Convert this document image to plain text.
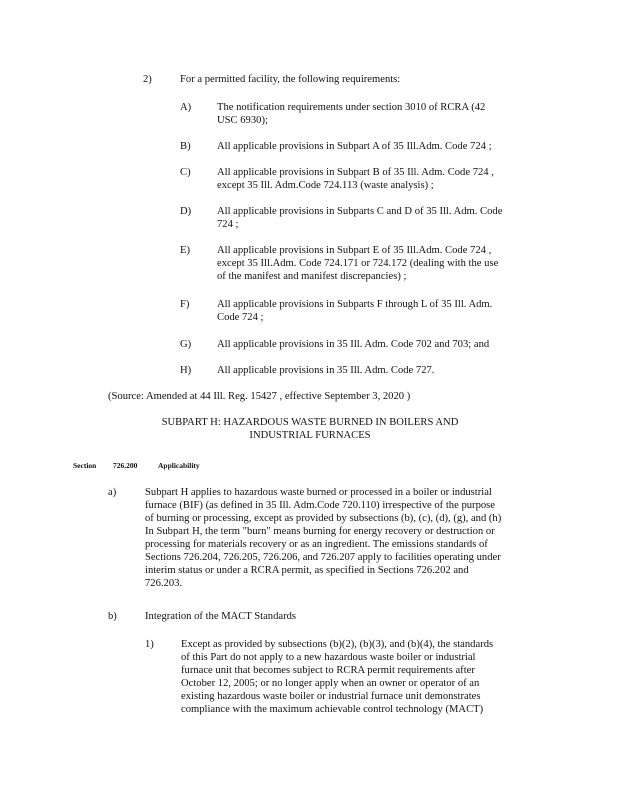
2)	For a permitted facility, the following requirements:
A) The notification requirements under section 3010 of RCRA (42
USC 6930);
B) All applicable provisions in Subpart A of 35 Ill.Adm. Code 724 ;
C) All applicable provisions in Subpart B of 35 Ill. Adm. Code 724 ,
except 35 Ill. Adm.Code 724.113 (waste analysis) ;
D) All applicable provisions in Subparts C and D of 35 Ill. Adm. Code
724 ;
E)	All applicable provisions in Subpart E of 35 Ill.Adm. Code 724 ,
except 35 Ill.Adm. Code 724.171 or 724.172 (dealing with the use
of the manifest and manifest discrepancies) ;
F)	All applicable provisions in Subparts F through L of 35 Ill. Adm.
Code 724 ;
G) All applicable provisions in 35 Ill. Adm. Code 702 and 703; and
H) All applicable provisions in 35 Ill. Adm. Code 727.
(Source: Amended at 44 Ill. Reg. 15427 , effective September 3, 2020 )
SUBPART H: HAZARDOUS WASTE BURNED IN BOILERS AND
INDUSTRIAL FURNACES
Section 726.200	Applicability
a)	Subpart H applies to hazardous waste burned or processed in a boiler or industrial
furnace (BIF) (as defined in 35 Ill. Adm.Code 720.110) irrespective of the purpose
of burning or processing, except as provided by subsections (b), (c), (d), (g), and (h)
In Subpart H, the term "burn" means burning for energy recovery or destruction or
processing for materials recovery or as an ingredient. The emissions standards of
Sections 726.204, 726.205, 726.206, and 726.207 apply to facilities operating under
interim status or under a RCRA permit, as specified in Sections 726.202 and
726.203.
b)	Integration of the MACT Standards
1)	Except as provided by subsections (b)(2), (b)(3), and (b)(4), the standards
of this Part do not apply to a new hazardous waste boiler or industrial
furnace unit that becomes subject to RCRA permit requirements after
October 12, 2005; or no longer apply when an owner or operator of an
existing hazardous waste boiler or industrial furnace unit demonstrates
compliance with the maximum achievable control technology (MACT)
